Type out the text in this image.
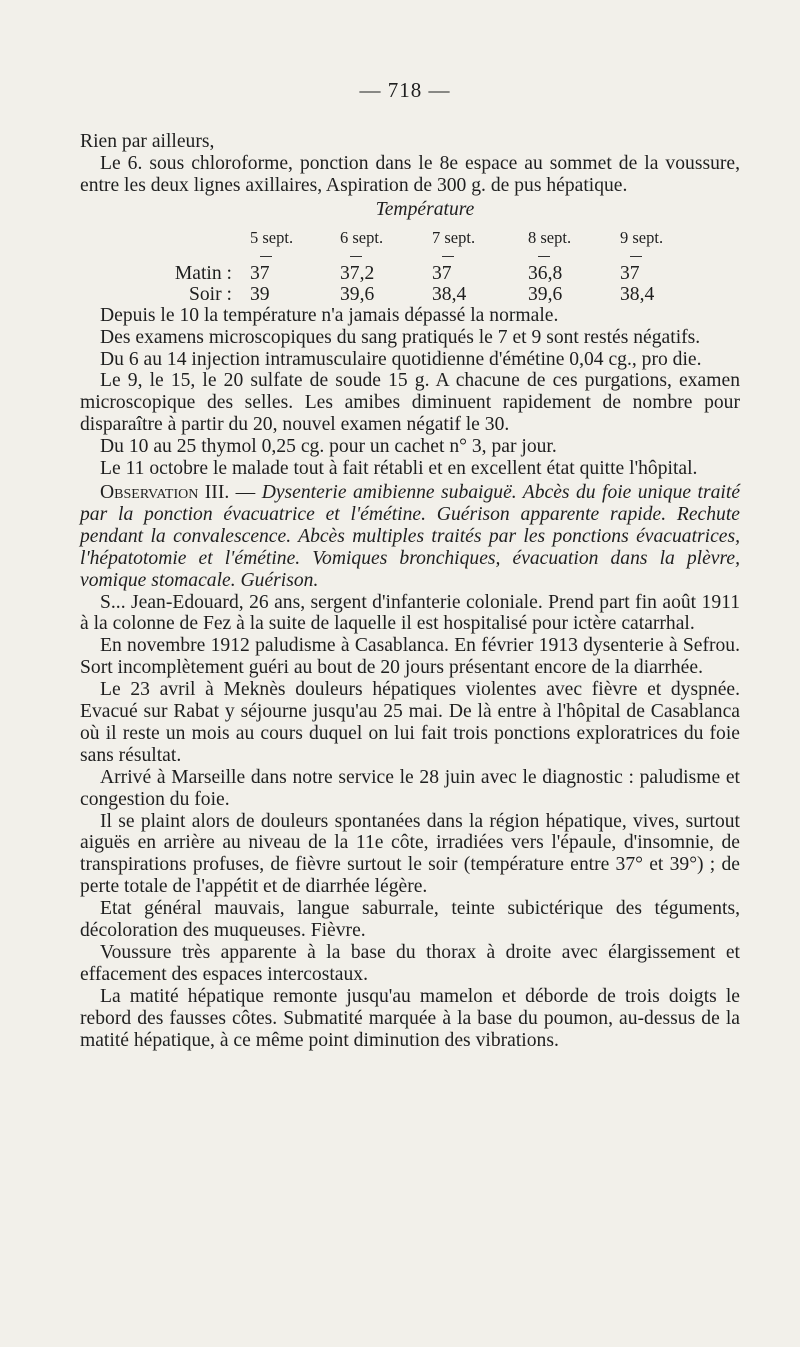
— 718 —

Rien par ailleurs,

Le 6. sous chloroforme, ponction dans le 8e espace au sommet de la voussure, entre les deux lignes axillaires, Aspiration de 300 g. de pus hépatique.

Température
	5 sept.	6 sept.	7 sept.	8 sept.	9 sept.

Matin :	37	37,2	37	36,8	37
Soir :	39	39,6	38,4	39,6	38,4

Depuis le 10 la température n'a jamais dépassé la normale.

Des examens microscopiques du sang pratiqués le 7 et 9 sont restés négatifs.

Du 6 au 14 injection intramusculaire quotidienne d'émétine 0,04 cg., pro die.

Le 9, le 15, le 20 sulfate de soude 15 g. A chacune de ces purgations, examen microscopique des selles. Les amibes diminuent rapidement de nombre pour disparaître à partir du 20, nouvel examen négatif le 30.

Du 10 au 25 thymol 0,25 cg. pour un cachet n° 3, par jour.

Le 11 octobre le malade tout à fait rétabli et en excellent état quitte l'hôpital.

Observation III. — Dysenterie amibienne subaiguë. Abcès du foie unique traité par la ponction évacuatrice et l'émétine. Guérison apparente rapide. Rechute pendant la convalescence. Abcès multiples traités par les ponctions évacuatrices, l'hépatotomie et l'émétine. Vomiques bronchiques, évacuation dans la plèvre, vomique stomacale. Guérison.

S... Jean-Edouard, 26 ans, sergent d'infanterie coloniale. Prend part fin août 1911 à la colonne de Fez à la suite de laquelle il est hospitalisé pour ictère catarrhal.

En novembre 1912 paludisme à Casablanca. En février 1913 dysenterie à Sefrou. Sort incomplètement guéri au bout de 20 jours présentant encore de la diarrhée.

Le 23 avril à Meknès douleurs hépatiques violentes avec fièvre et dyspnée. Evacué sur Rabat y séjourne jusqu'au 25 mai. De là entre à l'hôpital de Casablanca où il reste un mois au cours duquel on lui fait trois ponctions exploratrices du foie sans résultat.

Arrivé à Marseille dans notre service le 28 juin avec le diagnostic : paludisme et congestion du foie.

Il se plaint alors de douleurs spontanées dans la région hépatique, vives, surtout aiguës en arrière au niveau de la 11e côte, irradiées vers l'épaule, d'insomnie, de transpirations profuses, de fièvre surtout le soir (température entre 37° et 39°) ; de perte totale de l'appétit et de diarrhée légère.

Etat général mauvais, langue saburrale, teinte subictérique des téguments, décoloration des muqueuses. Fièvre.

Voussure très apparente à la base du thorax à droite avec élargissement et effacement des espaces intercostaux.

La matité hépatique remonte jusqu'au mamelon et déborde de trois doigts le rebord des fausses côtes. Submatité marquée à la base du poumon, au-dessus de la matité hépatique, à ce même point diminution des vibrations.
